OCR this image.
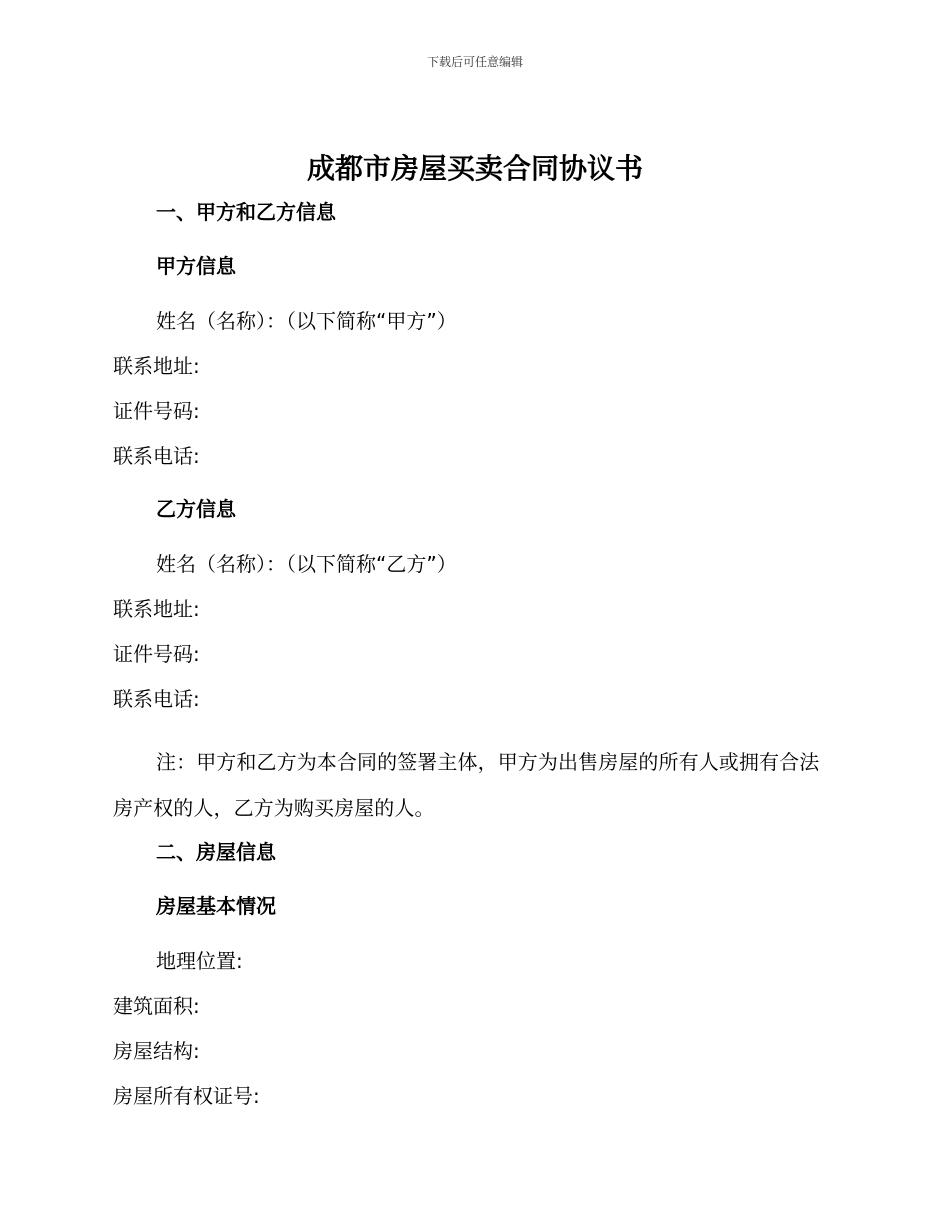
下载后可任意编辑
成都市房屋买卖合同协议书
一、甲方和乙方信息
甲方信息
姓名（名称）：（以下简称“甲方”）
联系地址:
证件号码:
联系电话:
乙方信息
姓名（名称）：（以下简称“乙方”）
联系地址:
证件号码:
联系电话:

注：甲方和乙方为本合同的签署主体，甲方为出售房屋的所有人或拥有合法房产权的人，乙方为购买房屋的人。

二、房屋信息
房屋基本情况
地理位置:
建筑面积:
房屋结构:
房屋所有权证号:
